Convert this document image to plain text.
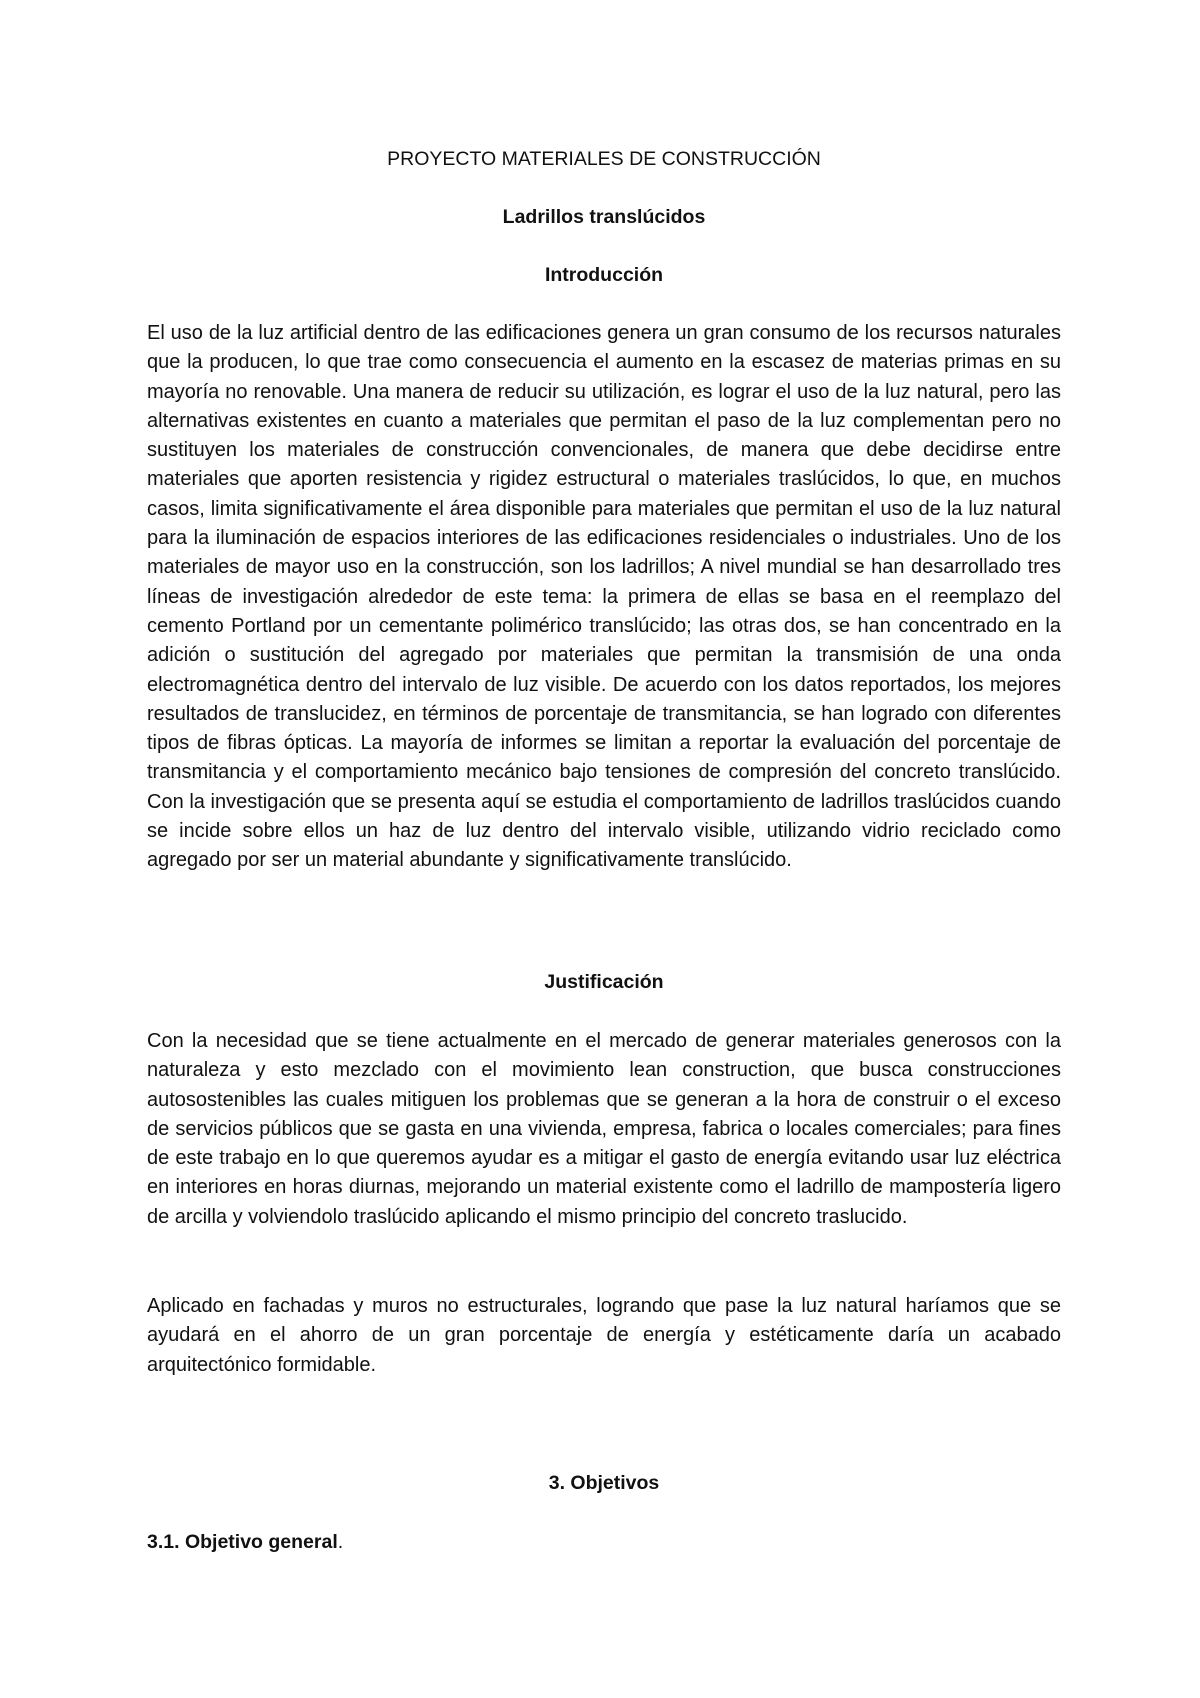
PROYECTO MATERIALES DE CONSTRUCCIÓN
Ladrillos translúcidos
Introducción

El uso de la luz artificial dentro de las edificaciones genera un gran consumo de los recursos naturales que la producen, lo que trae como consecuencia el aumento en la escasez de materias primas en su mayoría no renovable. Una manera de reducir su utilización, es lograr el uso de la luz natural, pero las alternativas existentes en cuanto a materiales que permitan el paso de la luz complementan pero no sustituyen los materiales de construcción convencionales, de manera que debe decidirse entre materiales que aporten resistencia y rigidez estructural o materiales traslúcidos, lo que, en muchos casos, limita significativamente el área disponible para materiales que permitan el uso de la luz natural para la iluminación de espacios interiores de las edificaciones residenciales o industriales. Uno de los materiales de mayor uso en la construcción, son los ladrillos; A nivel mundial se han desarrollado tres líneas de investigación alrededor de este tema: la primera de ellas se basa en el reemplazo del cemento Portland por un cementante polimérico translúcido; las otras dos, se han concentrado en la adición o sustitución del agregado por materiales que permitan la transmisión de una onda electromagnética dentro del intervalo de luz visible. De acuerdo con los datos reportados, los mejores resultados de translucidez, en términos de porcentaje de transmitancia, se han logrado con diferentes tipos de fibras ópticas. La mayoría de informes se limitan a reportar la evaluación del porcentaje de transmitancia y el comportamiento mecánico bajo tensiones de compresión del concreto translúcido. Con la investigación que se presenta aquí se estudia el comportamiento de ladrillos traslúcidos cuando se incide sobre ellos un haz de luz dentro del intervalo visible, utilizando vidrio reciclado como agregado por ser un material abundante y significativamente translúcido.

Justificación

Con la necesidad que se tiene actualmente en el mercado de generar materiales generosos con la naturaleza y esto mezclado con el movimiento lean construction, que busca construcciones autosostenibles las cuales mitiguen los problemas que se generan a la hora de construir o el exceso de servicios públicos que se gasta en una vivienda, empresa, fabrica o locales comerciales; para fines de este trabajo en lo que queremos ayudar es a mitigar el gasto de energía evitando usar luz eléctrica en interiores en horas diurnas, mejorando un material existente como el ladrillo de mampostería ligero de arcilla y volviendolo traslúcido aplicando el mismo principio del concreto traslucido.

Aplicado en fachadas y muros no estructurales, logrando que pase la luz natural haríamos que se ayudará en el ahorro de un gran porcentaje de energía y estéticamente daría un acabado arquitectónico formidable.

3. Objetivos

3.1. Objetivo general.
